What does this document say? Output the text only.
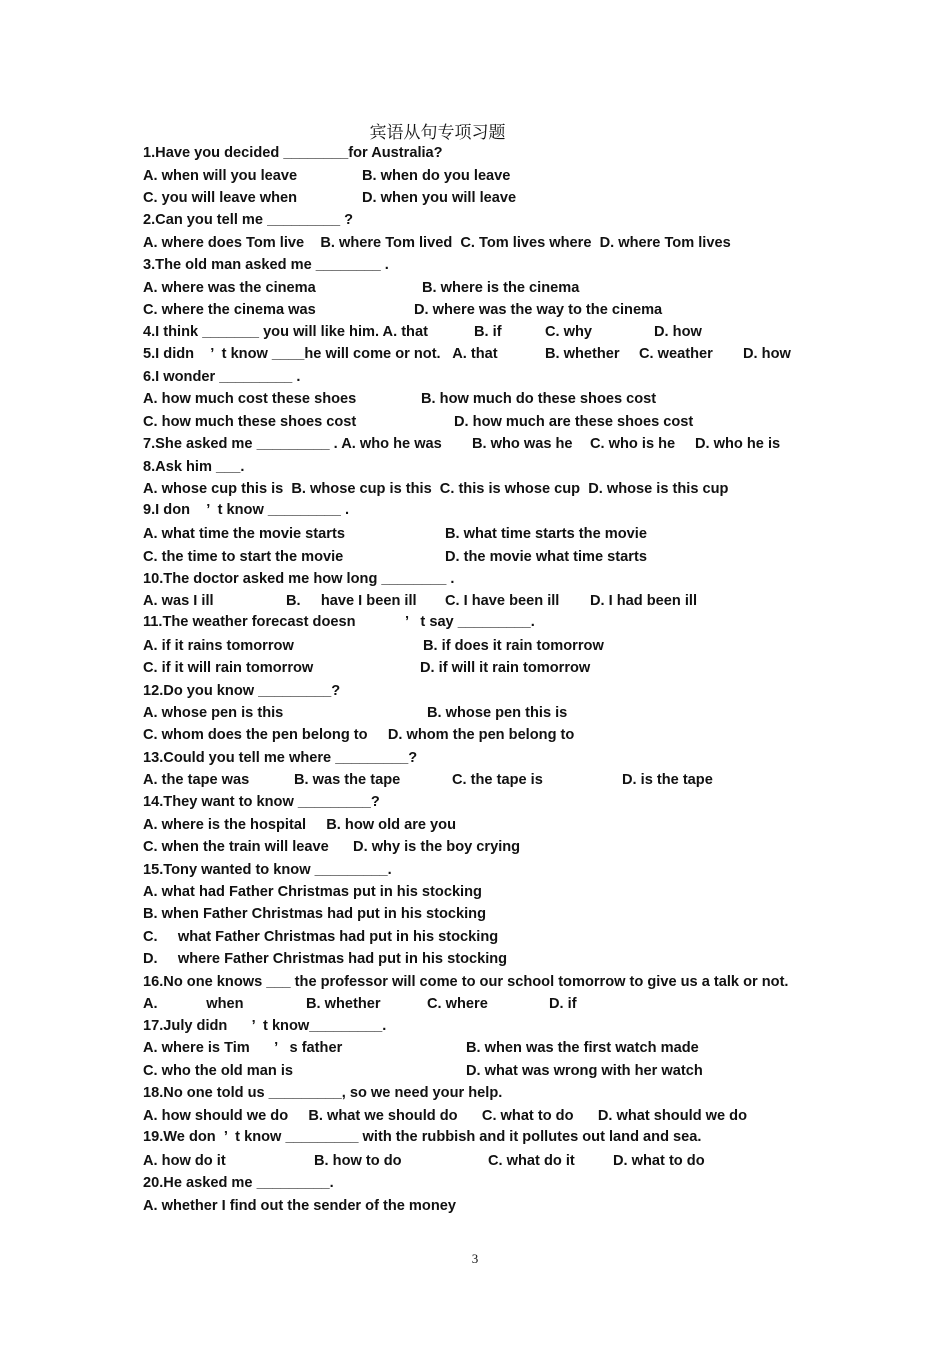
宾语从句专项习题
1.Have you decided ________for Australia?
A. when will you leave	B. when do you leave
C. you will leave when	D. when you will leave
2.Can you tell me _________ ?
A. where does Tom live    B. where Tom lived  C. Tom lives where  D. where Tom lives
3.The old man asked me ________ .
A. where was the cinema	B. where is the cinema
C. where the cinema was	D. where was the way to the cinema
4.I think _______ you will like him. A. that	B. if	C. why	D. how
5.I didn    ’  t know ____he will come or not.   A. that	B. whether C. weather D. how
6.I wonder _________ .
A. how much cost these shoes	B. how much do these shoes cost
C. how much these shoes cost	D. how much are these shoes cost
7.She asked me _________ . A. who he was B. who was he C. who is he D. who he is
8.Ask him ___.
A. whose cup this is  B. whose cup is this  C. this is whose cup  D. whose is this cup
9.I don    ’  t know _________ .
A. what time the movie starts	B. what time starts the movie
C. the time to start the movie	D. the movie what time starts
10.The doctor asked me how long ________ .
A. was I ill	B.     have I been ill C. I have been ill D. I had been ill
11.The weather forecast doesn	’   t say _________.
A. if it rains tomorrow	B. if does it rain tomorrow
C. if it will rain tomorrow	D. if will it rain tomorrow
12.Do you know _________?
A. whose pen is this	B. whose pen this is
C. whom does the pen belong to     D. whom the pen belong to
13.Could you tell me where _________?
A. the tape was	B. was the tape	C. the tape is	D. is the tape
14.They want to know _________?
A. where is the hospital     B. how old are you
C. when the train will leave      D. why is the boy crying
15.Tony wanted to know _________.
A. what had Father Christmas put in his stocking
B. when Father Christmas had put in his stocking
C.     what Father Christmas had put in his stocking
D.     where Father Christmas had put in his stocking
16.No one knows ___ the professor will come to our school tomorrow to give us a talk or not.
A.            when	B. whether	C. where	D. if
17.July didn      ’  t know_________.
A. where is Tim      ’   s father	B. when was the first watch made
C. who the old man is	D. what was wrong with her watch
18.No one told us _________, so we need your help.
A. how should we do     B. what we should do      C. what to do      D. what should we do
19.We don  ’  t know _________ with the rubbish and it pollutes out land and sea.
A. how do it	B. how to do	C. what do it	D. what to do
20.He asked me _________.
A. whether I find out the sender of the money
3
